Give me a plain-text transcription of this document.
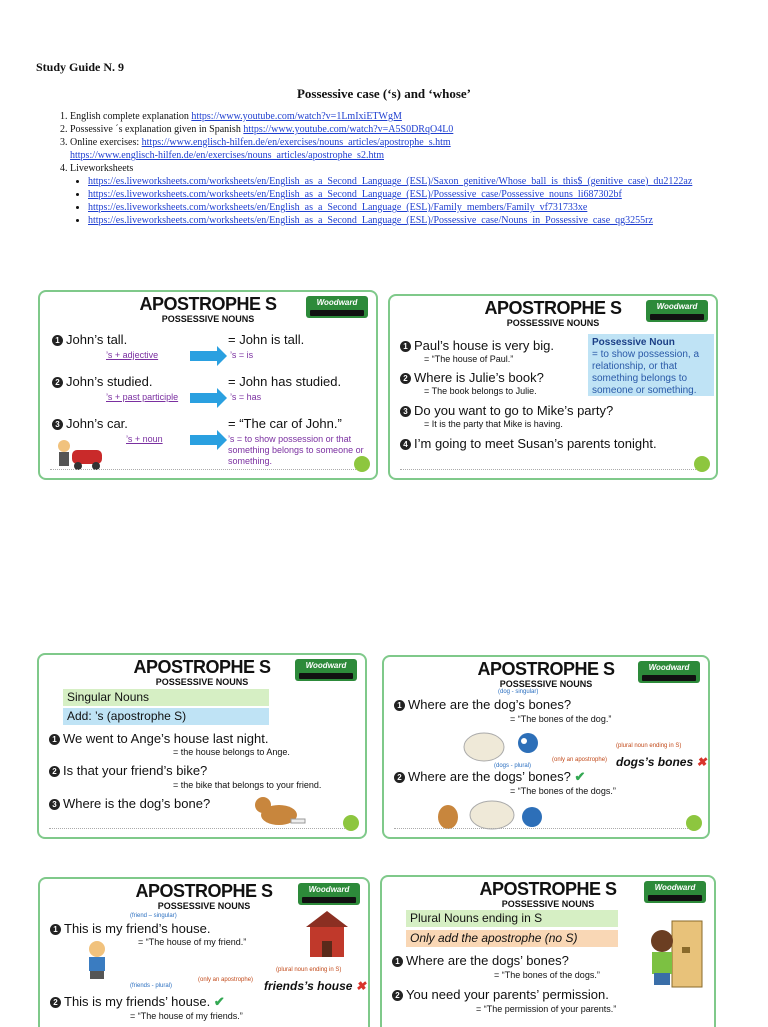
Study Guide N. 9
Possessive case (‘s) and ‘whose’
1. English complete explanation https://www.youtube.com/watch?v=1LmIxiETWgM
2. Possessive ´s explanation given in Spanish https://www.youtube.com/watch?v=A5S0DRqO4L0
3. Online exercises: https://www.englisch-hilfen.de/en/exercises/nouns_articles/apostrophe_s.htm
https://www.englisch-hilfen.de/en/exercises/nouns_articles/apostrophe_s2.htm
4. Liveworksheets
• https://es.liveworksheets.com/worksheets/en/English_as_a_Second_Language_(ESL)/Saxon_genitive/Whose_ball_is_this$_(genitive_case)_du2122az
• https://es.liveworksheets.com/worksheets/en/English_as_a_Second_Language_(ESL)/Possessive_case/Possessive_nouns_li687302bf
• https://es.liveworksheets.com/worksheets/en/English_as_a_Second_Language_(ESL)/Family_members/Family_vf731733xe
• https://es.liveworksheets.com/worksheets/en/English_as_a_Second_Language_(ESL)/Possessive_case/Nouns_in_Possessive_case_qg3255rz
APOSTROPHE S
POSSESSIVE NOUNS
Woodward
1 John’s tall.	= John is tall.
’s + adjective	’s = is
2 John’s studied.	= John has studied.
’s + past participle	’s = has
3 John’s car.	= “The car of John.”
’s + noun	’s = to show possession or that something belongs to someone or something.
APOSTROPHE S
POSSESSIVE NOUNS
Woodward
1 Paul’s house is very big.
= “The house of Paul.”
2 Where is Julie’s book?
= The book belongs to Julie.
3 Do you want to go to Mike’s party?
= It is the party that Mike is having.
4 I’m going to meet Susan’s parents tonight.
Possessive Noun
= to show possession, a relationship, or that something belongs to someone or something.
APOSTROPHE S
POSSESSIVE NOUNS
Woodward
Singular Nouns
Add: ’s (apostrophe S)
1 We went to Ange’s house last night.
= the house belongs to Ange.
2 Is that your friend’s bike?
= the bike that belongs to your friend.
3 Where is the dog’s bone?
APOSTROPHE S
POSSESSIVE NOUNS
Woodward
(dog - singular)
1 Where are the dog’s bones?
= “The bones of the dog.”
(dogs - plural)
(only an apostrophe)
(plural noun ending in S)
dogs’s bones ✖
2 Where are the dogs’ bones? ✔
= “The bones of the dogs.”
APOSTROPHE S
POSSESSIVE NOUNS
Woodward
(friend – singular)
1 This is my friend’s house.
= “The house of my friend.”
(friends - plural)
(only an apostrophe)
(plural noun ending in S)
friends’s house ✖
2 This is my friends’ house. ✔
= “The house of my friends.”
APOSTROPHE S
POSSESSIVE NOUNS
Woodward
Plural Nouns ending in S
Only add the apostrophe (no S)
1 Where are the dogs’ bones?
= “The bones of the dogs.”
2 You need your parents’ permission.
= “The permission of your parents.”
